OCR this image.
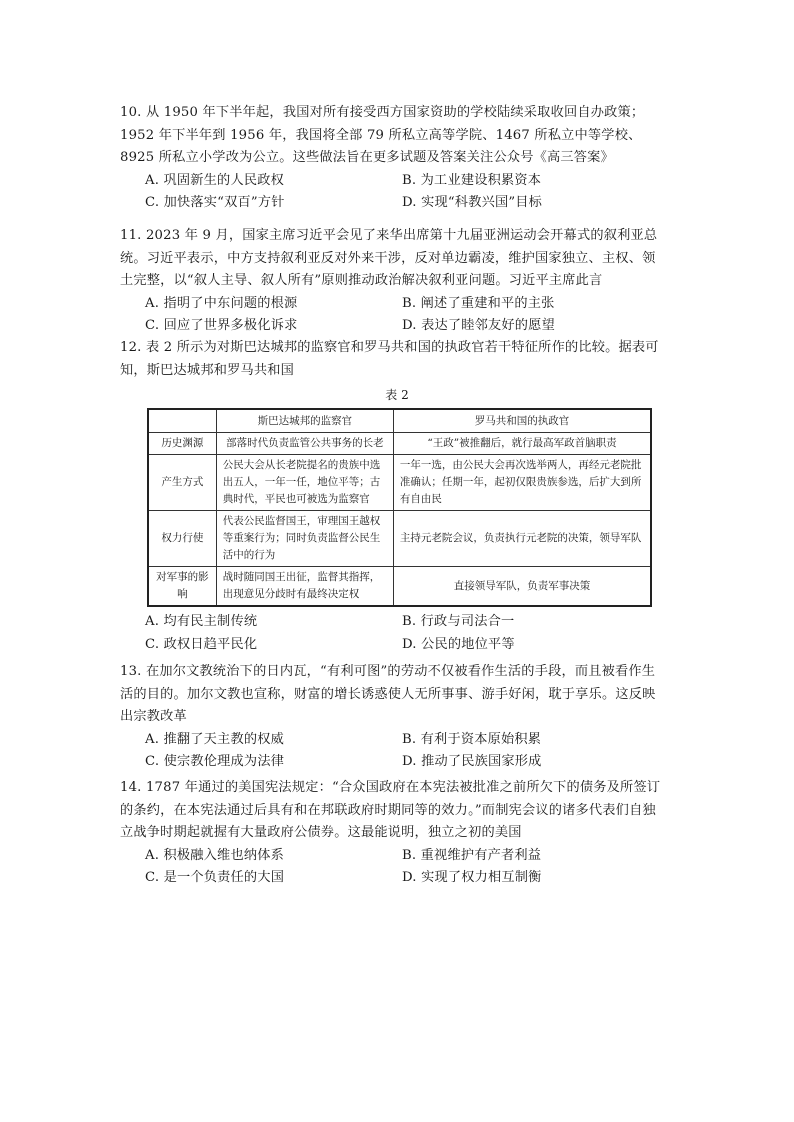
10. 从 1950 年下半年起，我国对所有接受西方国家资助的学校陆续采取收回自办政策；1952 年下半年到 1956 年，我国将全部 79 所私立高等学院、1467 所私立中等学校、8925 所私立小学改为公立。这些做法旨在更多试题及答案关注公众号《高三答案》

A. 巩固新生的人民政权	B. 为工业建设积累资本
C. 加快落实“双百”方针	D. 实现“科教兴国”目标

11. 2023 年 9 月，国家主席习近平会见了来华出席第十九届亚洲运动会开幕式的叙利亚总统。习近平表示，中方支持叙利亚反对外来干涉，反对单边霸凌，维护国家独立、主权、领土完整，以“叙人主导、叙人所有”原则推动政治解决叙利亚问题。习近平主席此言

A. 指明了中东问题的根源	B. 阐述了重建和平的主张
C. 回应了世界多极化诉求	D. 表达了睦邻友好的愿望

12. 表 2 所示为对斯巴达城邦的监察官和罗马共和国的执政官若干特征所作的比较。据表可知，斯巴达城邦和罗马共和国

表 2
	斯巴达城邦的监察官	罗马共和国的执政官
历史渊源	部落时代负责监管公共事务的长老	“王政”被推翻后，就行最高军政首脑职责
产生方式	公民大会从长老院提名的贵族中选出五人，一年一任，地位平等；古典时代，平民也可被选为监察官	一年一选，由公民大会再次选举两人，再经元老院批准确认；任期一年，起初仅限贵族参选，后扩大到所有自由民
权力行使	代表公民监督国王，审理国王越权等重案行为；同时负责监督公民生活中的行为	主持元老院会议，负责执行元老院的决策，领导军队
对军事的影响	战时随同国王出征，监督其指挥，出现意见分歧时有最终决定权	直接领导军队，负责军事决策
A. 均有民主制传统	B. 行政与司法合一
C. 政权日趋平民化	D. 公民的地位平等

13. 在加尔文教统治下的日内瓦，“有利可图”的劳动不仅被看作生活的手段，而且被看作生活的目的。加尔文教也宣称，财富的增长诱惑使人无所事事、游手好闲，耽于享乐。这反映出宗教改革

A. 推翻了天主教的权威	B. 有利于资本原始积累
C. 使宗教伦理成为法律	D. 推动了民族国家形成

14. 1787 年通过的美国宪法规定：“合众国政府在本宪法被批准之前所欠下的债务及所签订的条约，在本宪法通过后具有和在邦联政府时期同等的效力。”而制宪会议的诸多代表们自独立战争时期起就握有大量政府公债券。这最能说明，独立之初的美国

A. 积极融入维也纳体系	B. 重视维护有产者利益
C. 是一个负责任的大国	D. 实现了权力相互制衡
